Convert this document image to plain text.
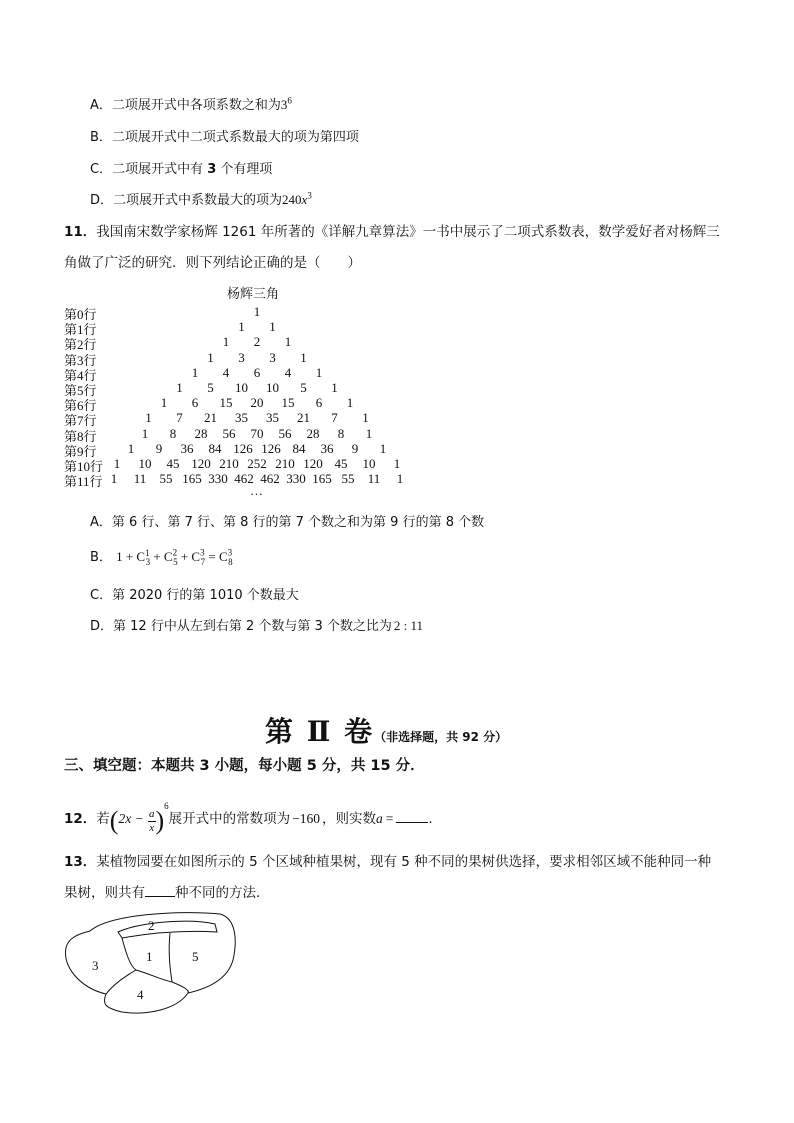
A．二项展开式中各项系数之和为$3^6$
B．二项展开式中二项式系数最大的项为第四项
C．二项展开式中有 3 个有理项
D．二项展开式中系数最大的项为$240x^3$
11．我国南宋数学家杨辉 1261 年所著的《详解九章算法》一书中展示了二项式系数表，数学爱好者对杨辉三
角做了广泛的研究．则下列结论正确的是（　　）
杨辉三角
第0行	1
第1行	1 1
第2行	1 2 1
第3行	1 3 3 1
第4行	1 4 6 4 1
第5行	1 5 10 10 5 1
第6行	1 6 15 20 15 6 1
第7行	1 7 21 35 35 21 7 1
第8行	1 8 28 56 70 56 28 8 1
第9行 1 9 36 84 126 126 84 36 9 1
第10行 1 10 45 120 210 252 210 120 45 10 1
第11行 1 11 55 165 330 462 462 330 165 55 11 1
…
A．第 6 行、第 7 行、第 8 行的第 7 个数之和为第 9 行的第 8 个数
B． $1 + C^1_3 + C^2_5 + C^3_7 = C^3_8$
C．第 2020 行的第 1010 个数最大
D．第 12 行中从左到右第 2 个数与第 3 个数之比为 2 : 11
第 Ⅱ 卷（非选择题，共 92 分）
三、填空题：本题共 3 小题，每小题 5 分，共 15 分．
12．若$(2x - \frac{a}{x} )^6$展开式中的常数项为 −160 ，则实数a =	.
13．某植物园要在如图所示的 5 个区域种植果树，现有 5 种不同的果树供选择，要求相邻区域不能种同一种
果树，则共有 种不同的方法．
2
1
3
5
4
